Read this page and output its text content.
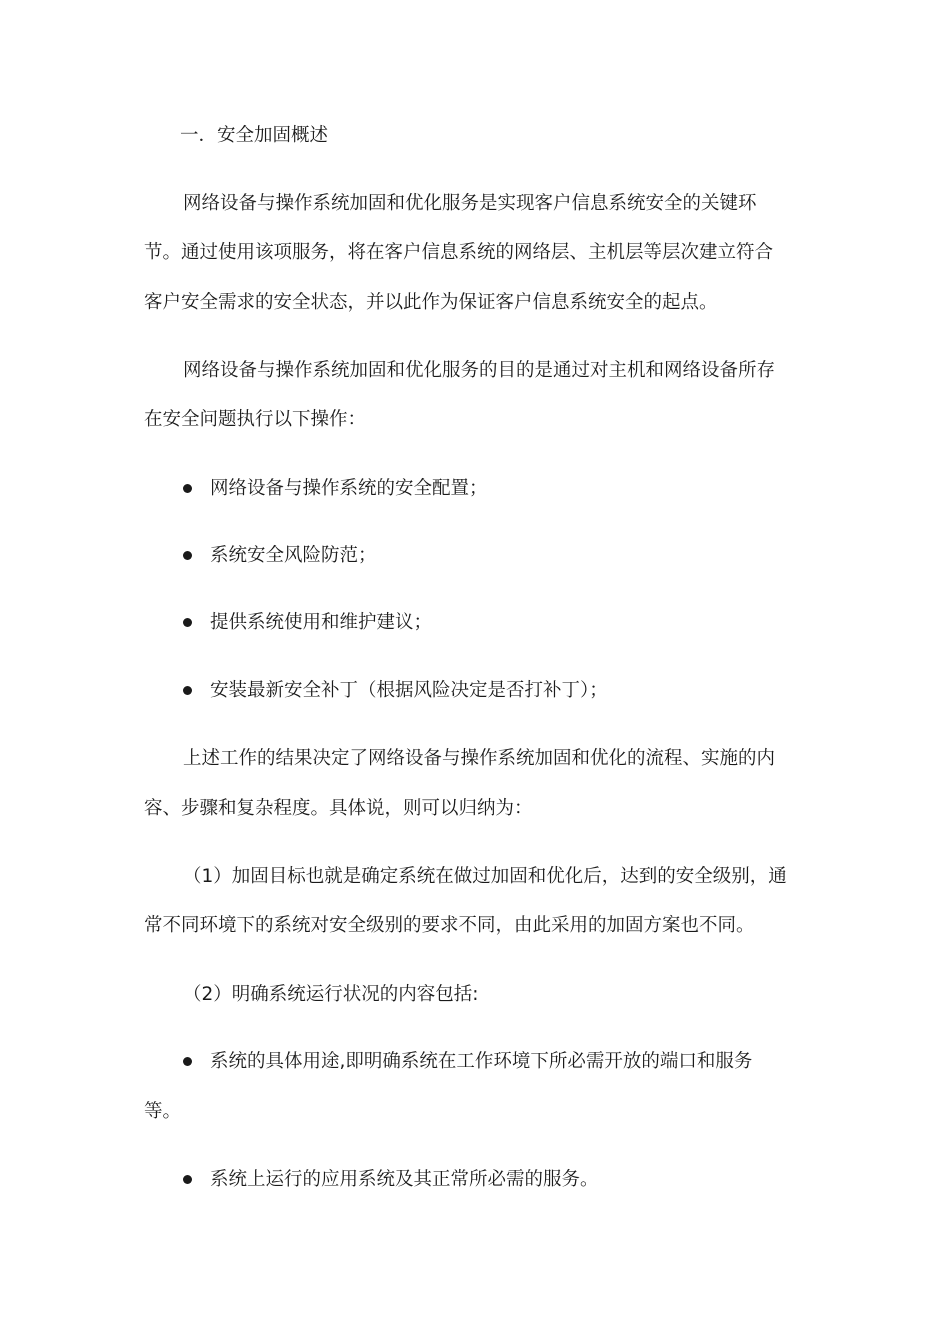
一．安全加固概述
网络设备与操作系统加固和优化服务是实现客户信息系统安全的关键环
节。通过使用该项服务，将在客户信息系统的网络层、主机层等层次建立符合
客户安全需求的安全状态，并以此作为保证客户信息系统安全的起点。
网络设备与操作系统加固和优化服务的目的是通过对主机和网络设备所存
在安全问题执行以下操作：
网络设备与操作系统的安全配置；
系统安全风险防范；
提供系统使用和维护建议；
安装最新安全补丁（根据风险决定是否打补丁）；
上述工作的结果决定了网络设备与操作系统加固和优化的流程、实施的内
容、步骤和复杂程度。具体说，则可以归纳为：
（1）加固目标也就是确定系统在做过加固和优化后，达到的安全级别，通
常不同环境下的系统对安全级别的要求不同，由此采用的加固方案也不同。
（2）明确系统运行状况的内容包括:
系统的具体用途,即明确系统在工作环境下所必需开放的端口和服务
等。
系统上运行的应用系统及其正常所必需的服务。
